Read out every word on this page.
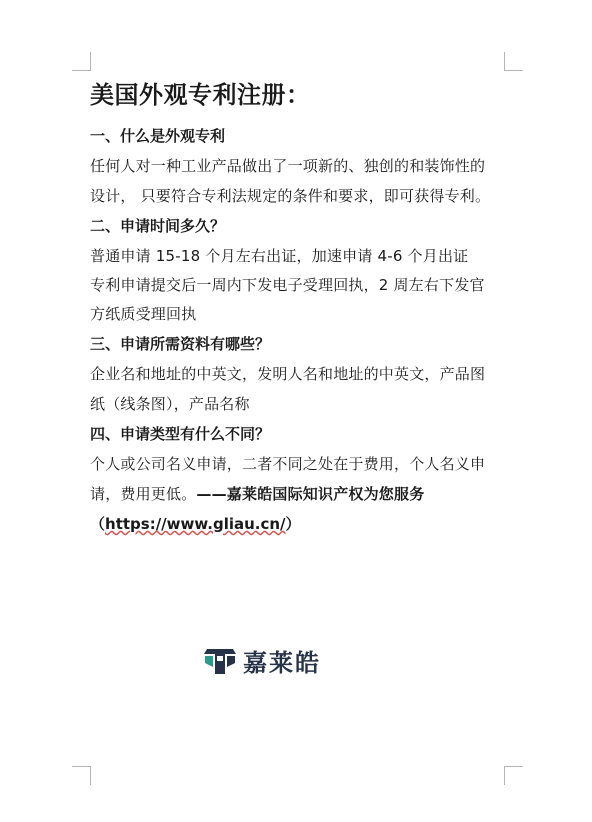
美国外观专利注册：
一、什么是外观专利
任何人对一种工业产品做出了一项新的、独创的和装饰性的
设计， 只要符合专利法规定的条件和要求，即可获得专利。
二、申请时间多久？
普通申请 15-18 个月左右出证，加速申请 4-6 个月出证
专利申请提交后一周内下发电子受理回执，2 周左右下发官
方纸质受理回执
三、申请所需资料有哪些？
企业名和地址的中英文，发明人名和地址的中英文，产品图
纸（线条图），产品名称
四、申请类型有什么不同？
个人或公司名义申请，二者不同之处在于费用，个人名义申
请，费用更低。——嘉莱皓国际知识产权为您服务
（https://www.gliau.cn/）
嘉莱皓
